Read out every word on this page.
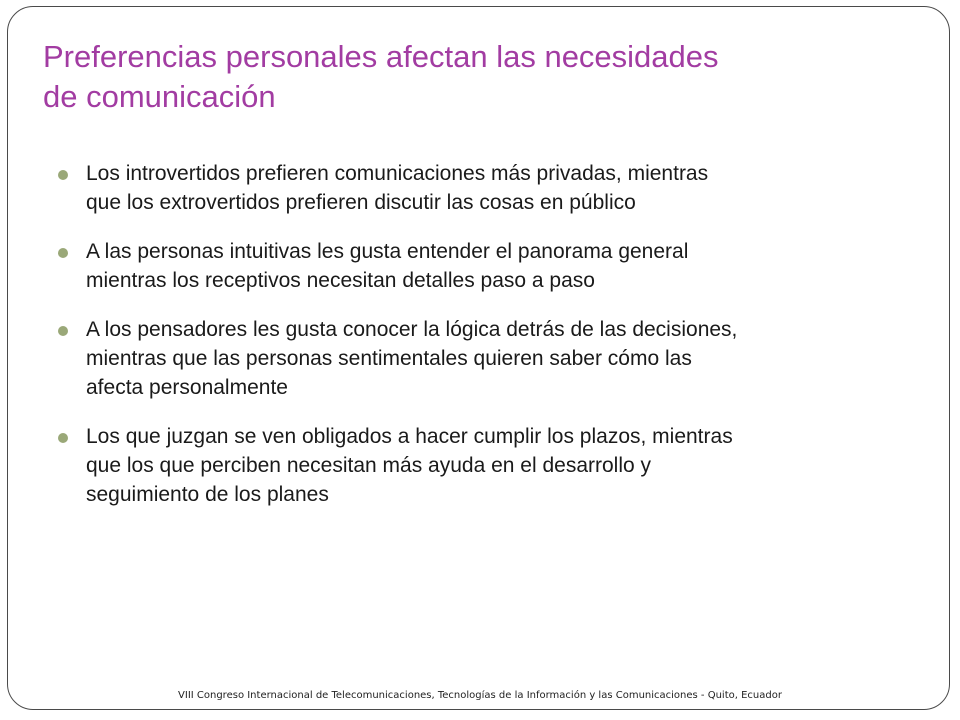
Preferencias personales afectan las necesidades
de comunicación
Los introvertidos prefieren comunicaciones más privadas, mientras
que los extrovertidos prefieren discutir las cosas en público
A las personas intuitivas les gusta entender el panorama general
mientras los receptivos necesitan detalles paso a paso
A los pensadores les gusta conocer la lógica detrás de las decisiones,
mientras que las personas sentimentales quieren saber cómo las
afecta personalmente
Los que juzgan se ven obligados a hacer cumplir los plazos, mientras
que los que perciben necesitan más ayuda en el desarrollo y
seguimiento de los planes
VIII Congreso Internacional de Telecomunicaciones, Tecnologías de la Información y las Comunicaciones - Quito, Ecuador
